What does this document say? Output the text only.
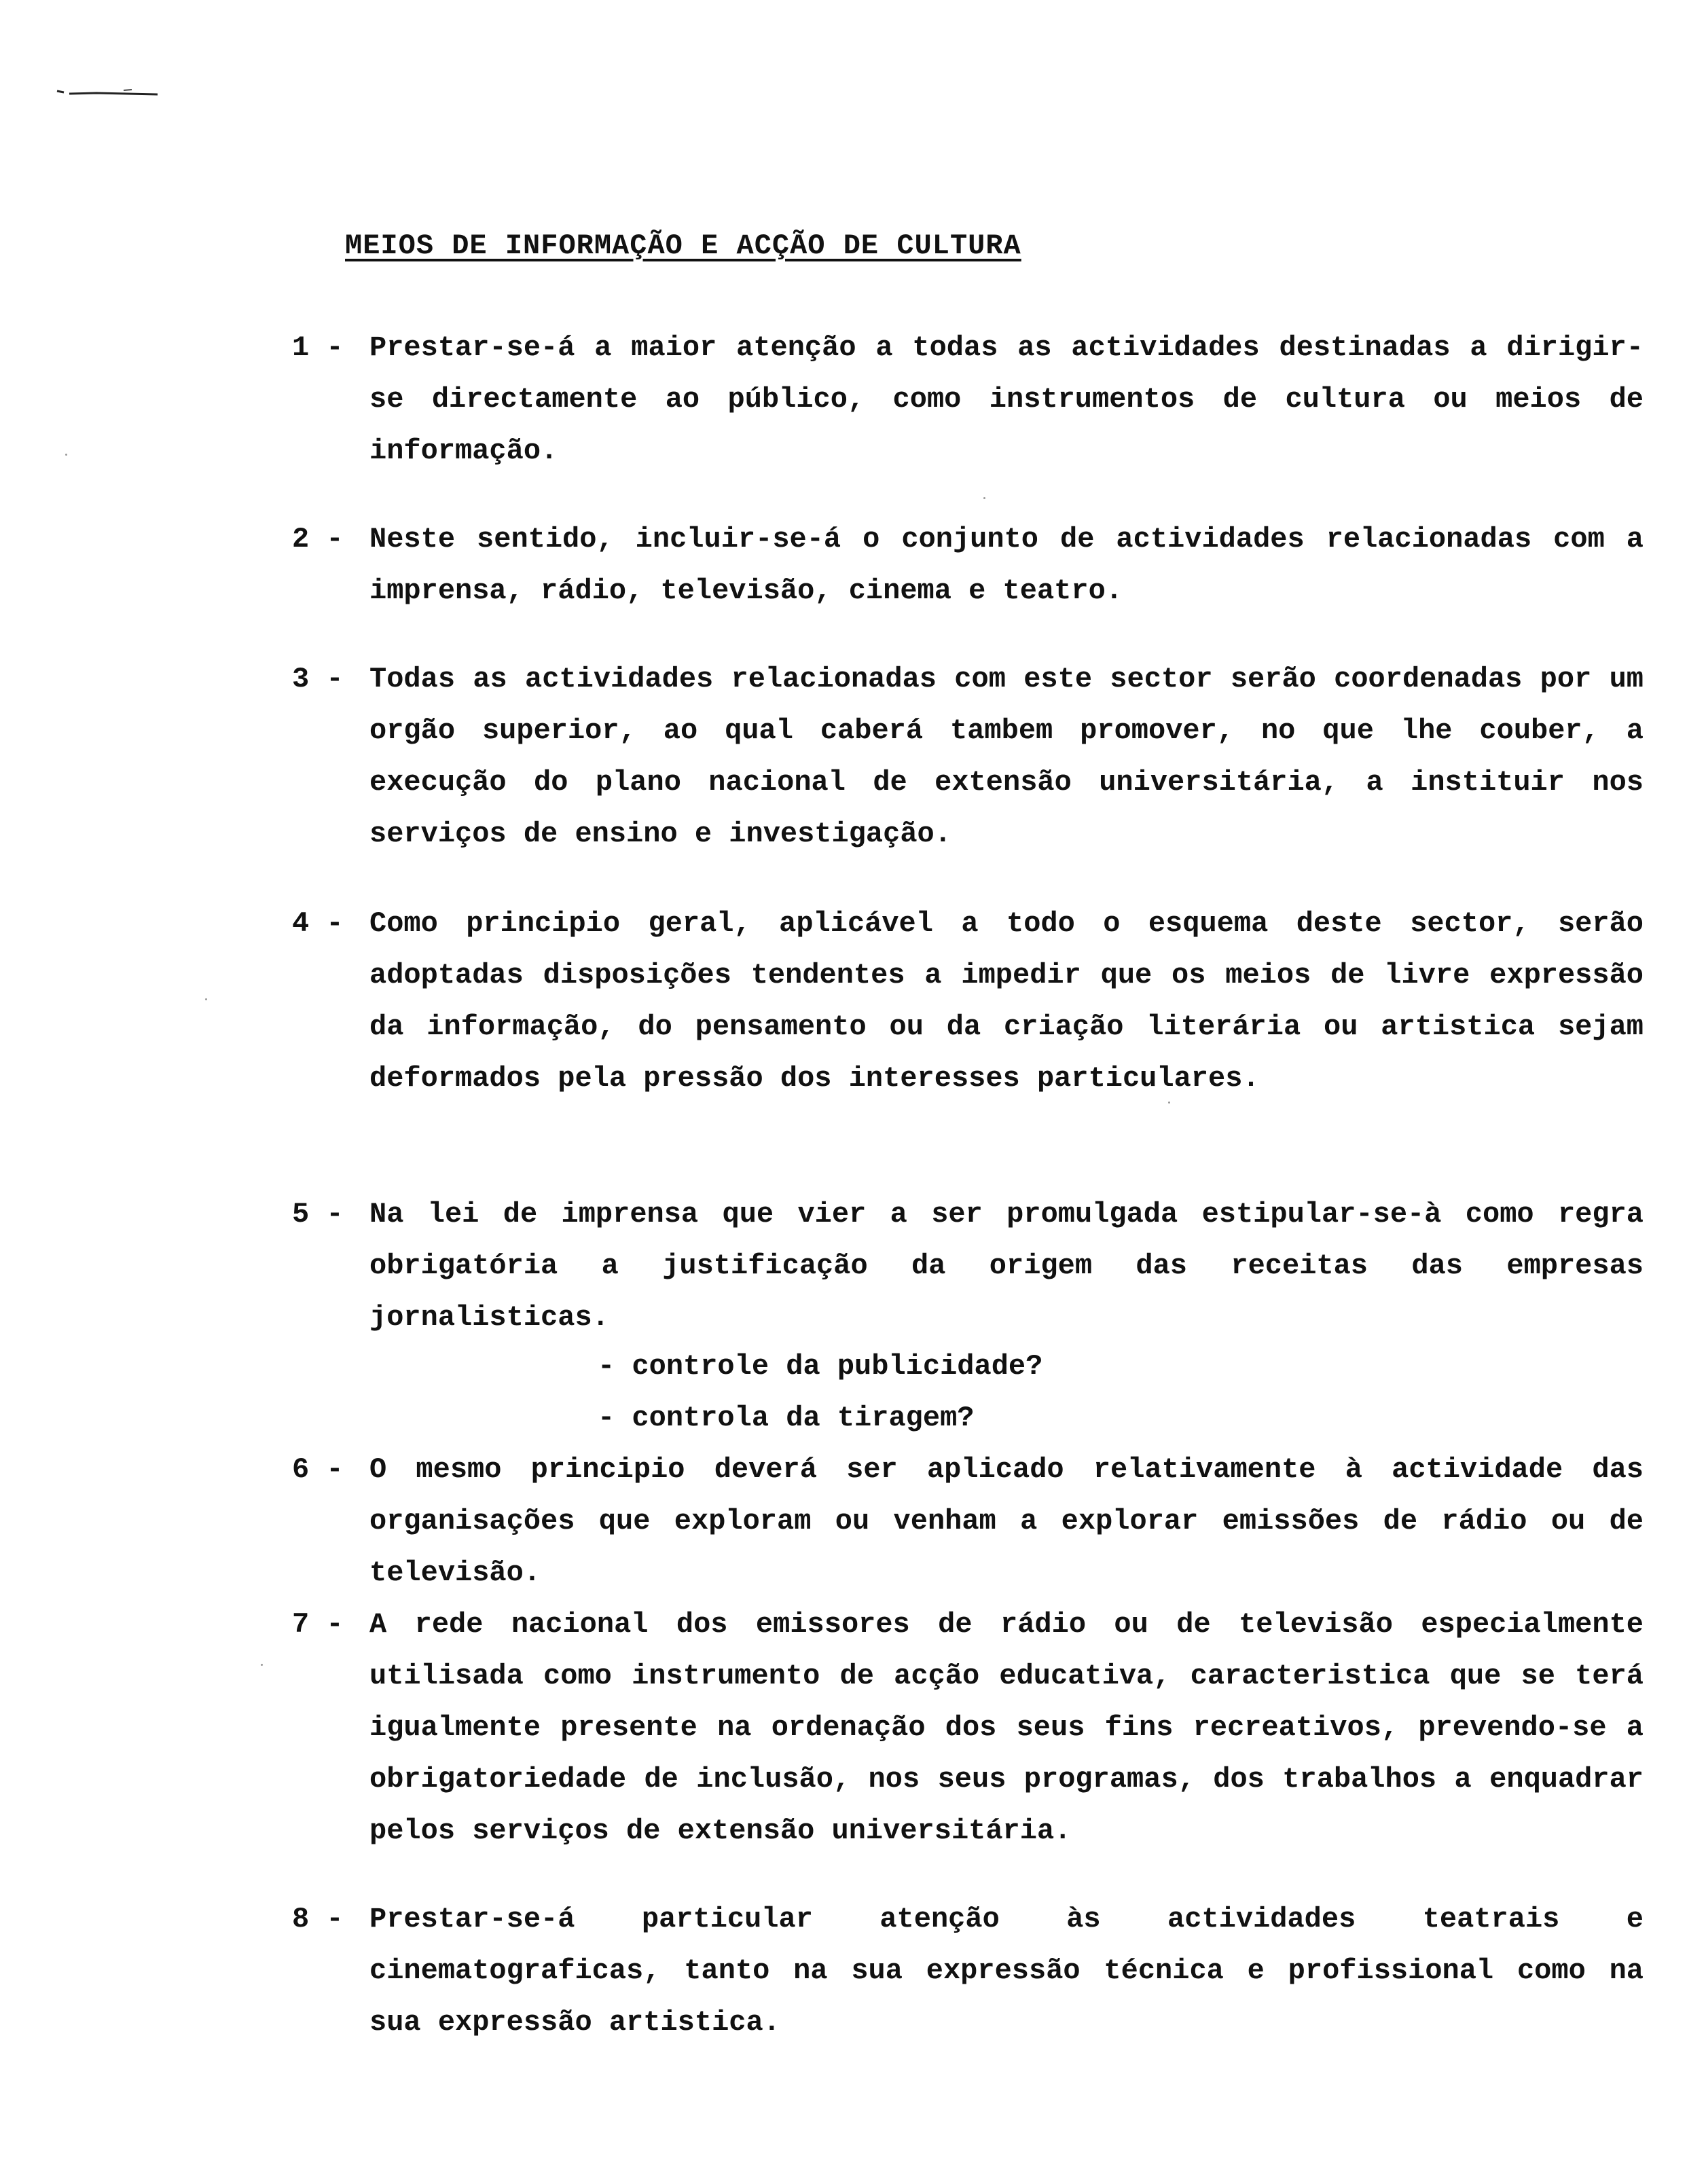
MEIOS DE INFORMAÇÃO E ACÇÃO DE CULTURA
1 - Prestar-se-á a maior atenção a todas as actividades destinadas a dirigir-se directamente ao público, como instrumentos de cultura ou meios de informação.
2 - Neste sentido, incluir-se-á o conjunto de actividades relacionadas com a imprensa, rádio, televisão, cinema e teatro.
3 - Todas as actividades relacionadas com este sector serão coordenadas por um orgão superior, ao qual caberá tambem promover, no que lhe couber, a execução do plano nacional de extensão universitária, a instituir nos serviços de ensino e investigação.
4 - Como principio geral, aplicável a todo o esquema deste sector, serão adoptadas disposições tendentes a impedir que os meios de livre expressão da informação, do pensamento ou da criação literária ou artistica sejam deformados pela pressão dos interesses particulares.
5 - Na lei de imprensa que vier a ser promulgada estipular-se-à como regra obrigatória a justificação da origem das receitas das empresas jornalisticas.
- controle da publicidade?
- controla da tiragem?
6 - O mesmo principio deverá ser aplicado relativamente à actividade das organisações que exploram ou venham a explorar emissões de rádio ou de televisão.
7 - A rede nacional dos emissores de rádio ou de televisão especialmente utilisada como instrumento de acção educativa, caracteristica que se terá igualmente presente na ordenação dos seus fins recreativos, prevendo-se a obrigatoriedade de inclusão, nos seus programas, dos trabalhos a enquadrar pelos serviços de extensão universitária.
8 - Prestar-se-á particular atenção às actividades teatrais e cinematograficas, tanto na sua expressão técnica e profissional como na sua expressão artistica.
